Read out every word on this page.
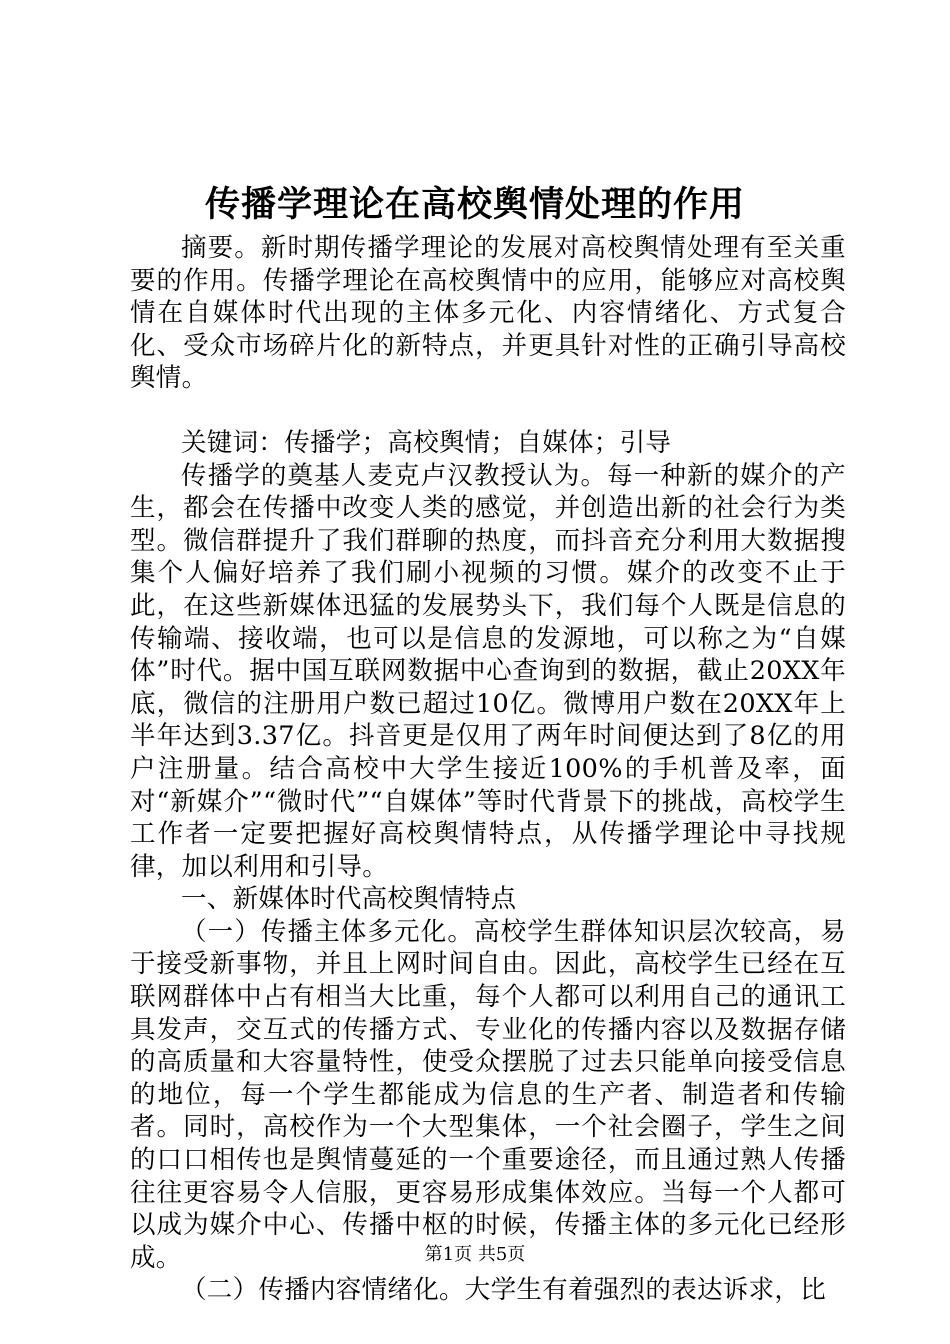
传播学理论在高校舆情处理的作用

摘要。新时期传播学理论的发展对高校舆情处理有至关重要的作用。传播学理论在高校舆情中的应用，能够应对高校舆情在自媒体时代出现的主体多元化、内容情绪化、方式复合化、受众市场碎片化的新特点，并更具针对性的正确引导高校舆情。

关键词：传播学；高校舆情；自媒体；引导

传播学的奠基人麦克卢汉教授认为。每一种新的媒介的产生，都会在传播中改变人类的感觉，并创造出新的社会行为类型。微信群提升了我们群聊的热度，而抖音充分利用大数据搜集个人偏好培养了我们刷小视频的习惯。媒介的改变不止于此，在这些新媒体迅猛的发展势头下，我们每个人既是信息的传输端、接收端，也可以是信息的发源地，可以称之为“自媒体”时代。据中国互联网数据中心查询到的数据，截止20XX年底，微信的注册用户数已超过10亿。微博用户数在20XX年上半年达到3.37亿。抖音更是仅用了两年时间便达到了8亿的用户注册量。结合高校中大学生接近100%的手机普及率，面对“新媒介”“微时代”“自媒体”等时代背景下的挑战，高校学生工作者一定要把握好高校舆情特点，从传播学理论中寻找规律，加以利用和引导。

一、新媒体时代高校舆情特点

（一）传播主体多元化。高校学生群体知识层次较高，易于接受新事物，并且上网时间自由。因此，高校学生已经在互联网群体中占有相当大比重，每个人都可以利用自己的通讯工具发声，交互式的传播方式、专业化的传播内容以及数据存储的高质量和大容量特性，使受众摆脱了过去只能单向接受信息的地位，每一个学生都能成为信息的生产者、制造者和传输者。同时，高校作为一个大型集体，一个社会圈子，学生之间的口口相传也是舆情蔓延的一个重要途径，而且通过熟人传播往往更容易令人信服，更容易形成集体效应。当每一个人都可以成为媒介中心、传播中枢的时候，传播主体的多元化已经形成。

（二）传播内容情绪化。大学生有着强烈的表达诉求，比

第1页 共5页
